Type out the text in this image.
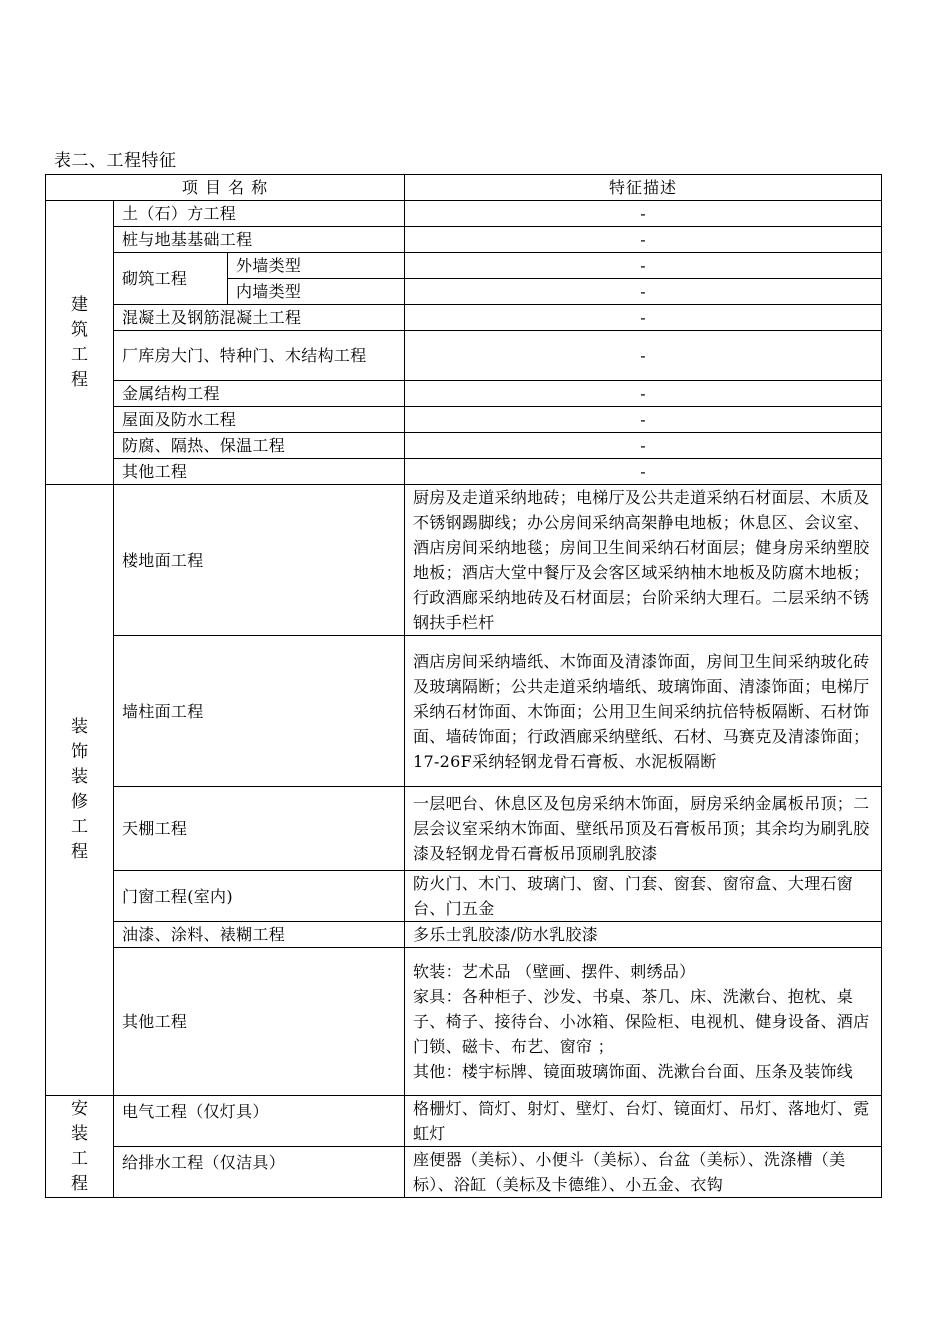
表二、工程特征
项 目 名 称			特征描述

建筑工程	土（石）方工程		-
	桩与地基基础工程		-
	砌筑工程	外墙类型	-
		内墙类型	-
	混凝土及钢筋混凝土工程		-
	厂库房大门、特种门、木结构工程		-
	金属结构工程		-
	屋面及防水工程		-
	防腐、隔热、保温工程		-
	其他工程		-

装饰装修工程	楼地面工程		厨房及走道采纳地砖；电梯厅及公共走道采纳石材面层、木质及不锈钢踢脚线；办公房间采纳高架静电地板；休息区、会议室、酒店房间采纳地毯；房间卫生间采纳石材面层；健身房采纳塑胶地板；酒店大堂中餐厅及会客区域采纳柚木地板及防腐木地板；行政酒廊采纳地砖及石材面层；台阶采纳大理石。二层采纳不锈钢扶手栏杆
	墙柱面工程		酒店房间采纳墙纸、木饰面及清漆饰面，房间卫生间采纳玻化砖及玻璃隔断；公共走道采纳墙纸、玻璃饰面、清漆饰面；电梯厅采纳石材饰面、木饰面；公用卫生间采纳抗倍特板隔断、石材饰面、墙砖饰面；行政酒廊采纳壁纸、石材、马赛克及清漆饰面；17-26F采纳轻钢龙骨石膏板、水泥板隔断
	天棚工程		一层吧台、休息区及包房采纳木饰面，厨房采纳金属板吊顶；二层会议室采纳木饰面、壁纸吊顶及石膏板吊顶；其余均为刷乳胶漆及轻钢龙骨石膏板吊顶刷乳胶漆
	门窗工程(室内)		防火门、木门、玻璃门、窗、门套、窗套、窗帘盒、大理石窗台、门五金
	油漆、涂料、裱糊工程		多乐士乳胶漆/防水乳胶漆
	其他工程		软装：艺术品 （壁画、摆件、刺绣品）
家具：各种柜子、沙发、书桌、茶几、床、洗漱台、抱枕、桌子、椅子、接待台、小冰箱、保险柜、电视机、健身设备、酒店门锁、磁卡、布艺、窗帘 ；
其他：楼宇标牌、镜面玻璃饰面、洗漱台台面、压条及装饰线

安装工程	电气工程（仅灯具）		格栅灯、筒灯、射灯、壁灯、台灯、镜面灯、吊灯、落地灯、霓虹灯
	给排水工程（仅洁具）		座便器（美标）、小便斗（美标）、台盆（美标）、洗涤槽（美标）、浴缸（美标及卡德维）、小五金、衣钩
